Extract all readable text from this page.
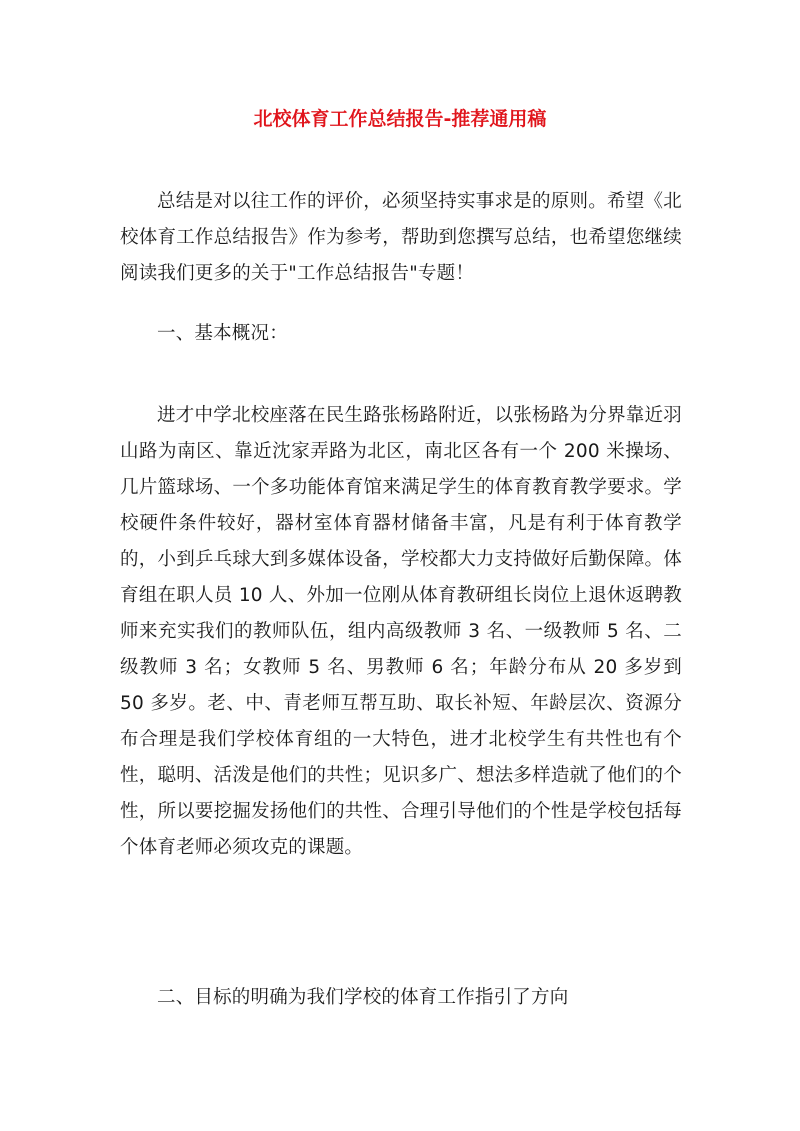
北校体育工作总结报告-推荐通用稿

总结是对以往工作的评价，必须坚持实事求是的原则。希望《北校体育工作总结报告》作为参考，帮助到您撰写总结，也希望您继续阅读我们更多的关于"工作总结报告"专题！

一、基本概况：

进才中学北校座落在民生路张杨路附近，以张杨路为分界靠近羽山路为南区、靠近沈家弄路为北区，南北区各有一个 200 米操场、几片篮球场、一个多功能体育馆来满足学生的体育教育教学要求。学校硬件条件较好，器材室体育器材储备丰富，凡是有利于体育教学的，小到乒乓球大到多媒体设备，学校都大力支持做好后勤保障。体育组在职人员 10 人、外加一位刚从体育教研组长岗位上退休返聘教师来充实我们的教师队伍，组内高级教师 3 名、一级教师 5 名、二级教师 3 名；女教师 5 名、男教师 6 名；年龄分布从 20 多岁到 50 多岁。老、中、青老师互帮互助、取长补短、年龄层次、资源分布合理是我们学校体育组的一大特色，进才北校学生有共性也有个性，聪明、活泼是他们的共性；见识多广、想法多样造就了他们的个性，所以要挖掘发扬他们的共性、合理引导他们的个性是学校包括每个体育老师必须攻克的课题。

二、目标的明确为我们学校的体育工作指引了方向
